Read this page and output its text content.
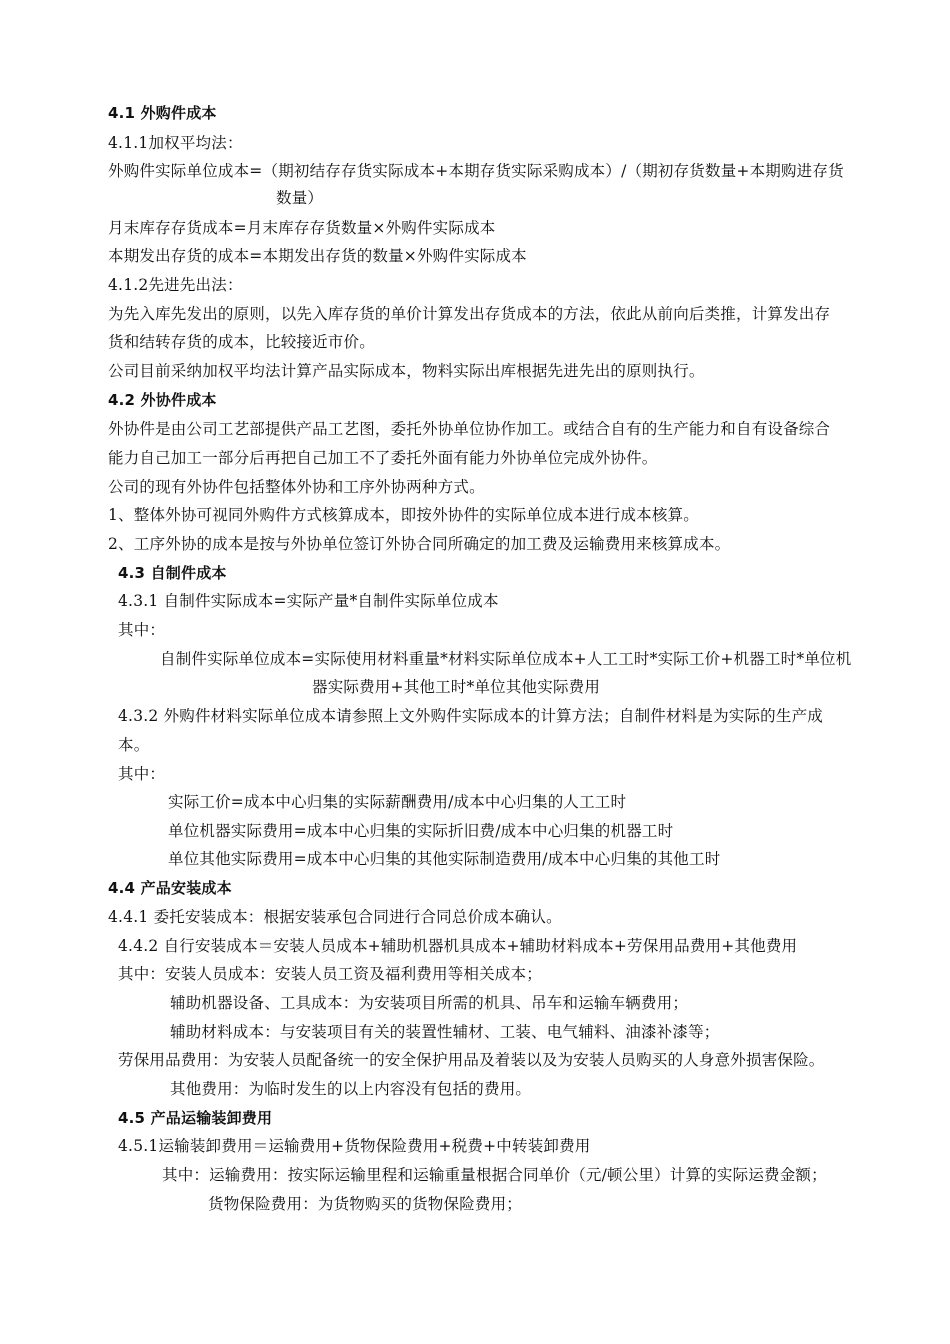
4.1 外购件成本
4.1.1加权平均法：
外购件实际单位成本=（期初结存存货实际成本+本期存货实际采购成本）/（期初存货数量+本期购进存货
数量）
月末库存存货成本=月末库存存货数量×外购件实际成本
本期发出存货的成本=本期发出存货的数量×外购件实际成本
4.1.2先进先出法：
为先入库先发出的原则，以先入库存货的单价计算发出存货成本的方法，依此从前向后类推，计算发出存
货和结转存货的成本，比较接近市价。
公司目前采纳加权平均法计算产品实际成本，物料实际出库根据先进先出的原则执行。
4.2 外协件成本
外协件是由公司工艺部提供产品工艺图，委托外协单位协作加工。或结合自有的生产能力和自有设备综合
能力自己加工一部分后再把自己加工不了委托外面有能力外协单位完成外协件。
公司的现有外协件包括整体外协和工序外协两种方式。
1、整体外协可视同外购件方式核算成本，即按外协件的实际单位成本进行成本核算。
2、工序外协的成本是按与外协单位签订外协合同所确定的加工费及运输费用来核算成本。
4.3 自制件成本
4.3.1 自制件实际成本=实际产量*自制件实际单位成本
其中：
自制件实际单位成本=实际使用材料重量*材料实际单位成本+人工工时*实际工价+机器工时*单位机
器实际费用+其他工时*单位其他实际费用
4.3.2 外购件材料实际单位成本请参照上文外购件实际成本的计算方法；自制件材料是为实际的生产成
本。
其中：
实际工价=成本中心归集的实际薪酬费用/成本中心归集的人工工时
单位机器实际费用=成本中心归集的实际折旧费/成本中心归集的机器工时
单位其他实际费用=成本中心归集的其他实际制造费用/成本中心归集的其他工时
4.4 产品安装成本
4.4.1 委托安装成本：根据安装承包合同进行合同总价成本确认。
4.4.2 自行安装成本＝安装人员成本+辅助机器机具成本+辅助材料成本+劳保用品费用+其他费用
其中：安装人员成本：安装人员工资及福利费用等相关成本；
辅助机器设备、工具成本：为安装项目所需的机具、吊车和运输车辆费用；
辅助材料成本：与安装项目有关的装置性辅材、工装、电气辅料、油漆补漆等；
劳保用品费用：为安装人员配备统一的安全保护用品及着装以及为安装人员购买的人身意外损害保险。
其他费用：为临时发生的以上内容没有包括的费用。
4.5 产品运输装卸费用
4.5.1运输装卸费用＝运输费用+货物保险费用+税费+中转装卸费用
其中：运输费用：按实际运输里程和运输重量根据合同单价（元/顿公里）计算的实际运费金额；
货物保险费用：为货物购买的货物保险费用；
